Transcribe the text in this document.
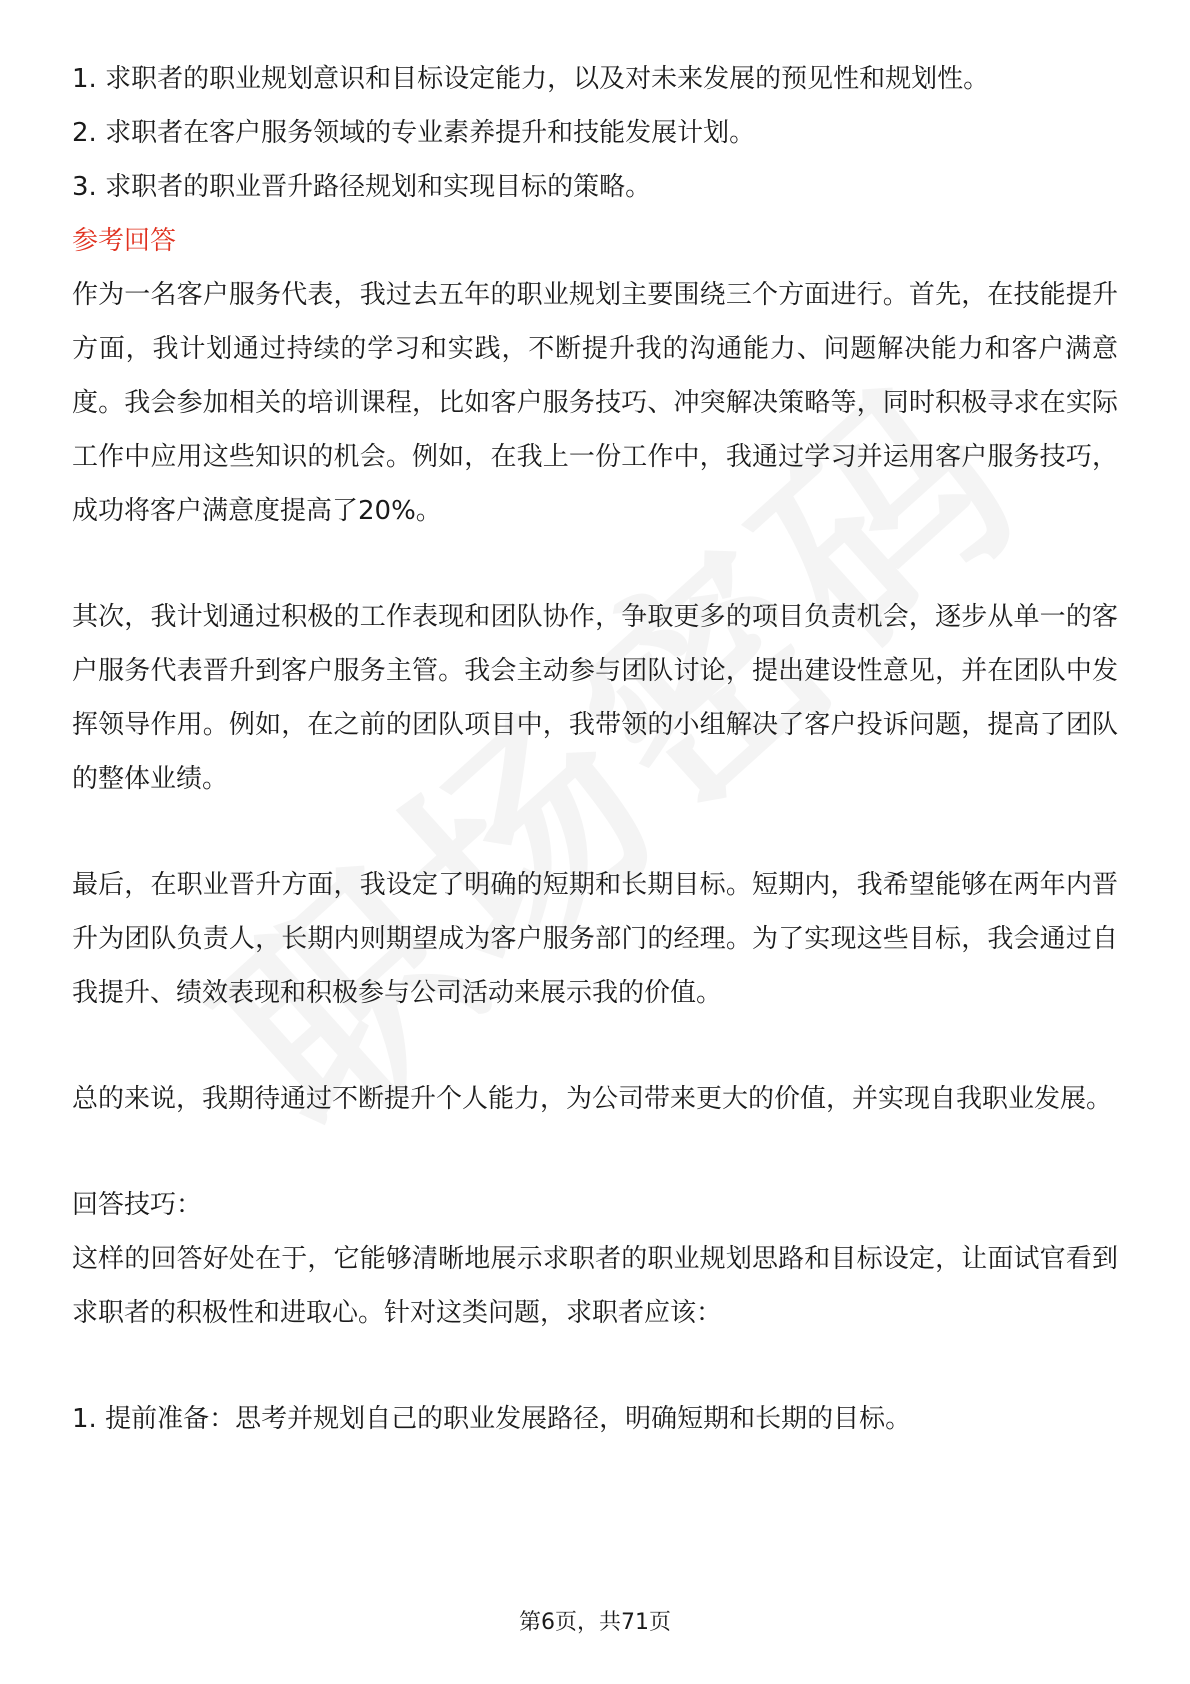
1. 求职者的职业规划意识和目标设定能力，以及对未来发展的预见性和规划性。

2. 求职者在客户服务领域的专业素养提升和技能发展计划。

3. 求职者的职业晋升路径规划和实现目标的策略。

参考回答

作为一名客户服务代表，我过去五年的职业规划主要围绕三个方面进行。首先，在技能提升方面，我计划通过持续的学习和实践，不断提升我的沟通能力、问题解决能力和客户满意度。我会参加相关的培训课程，比如客户服务技巧、冲突解决策略等，同时积极寻求在实际工作中应用这些知识的机会。例如，在我上一份工作中，我通过学习并运用客户服务技巧，成功将客户满意度提高了20%。

其次，我计划通过积极的工作表现和团队协作，争取更多的项目负责机会，逐步从单一的客户服务代表晋升到客户服务主管。我会主动参与团队讨论，提出建设性意见，并在团队中发挥领导作用。例如，在之前的团队项目中，我带领的小组解决了客户投诉问题，提高了团队的整体业绩。

最后，在职业晋升方面，我设定了明确的短期和长期目标。短期内，我希望能够在两年内晋升为团队负责人，长期内则期望成为客户服务部门的经理。为了实现这些目标，我会通过自我提升、绩效表现和积极参与公司活动来展示我的价值。

总的来说，我期待通过不断提升个人能力，为公司带来更大的价值，并实现自我职业发展。

回答技巧：

这样的回答好处在于，它能够清晰地展示求职者的职业规划思路和目标设定，让面试官看到求职者的积极性和进取心。针对这类问题，求职者应该：

1. 提前准备：思考并规划自己的职业发展路径，明确短期和长期的目标。

第6页，共71页
